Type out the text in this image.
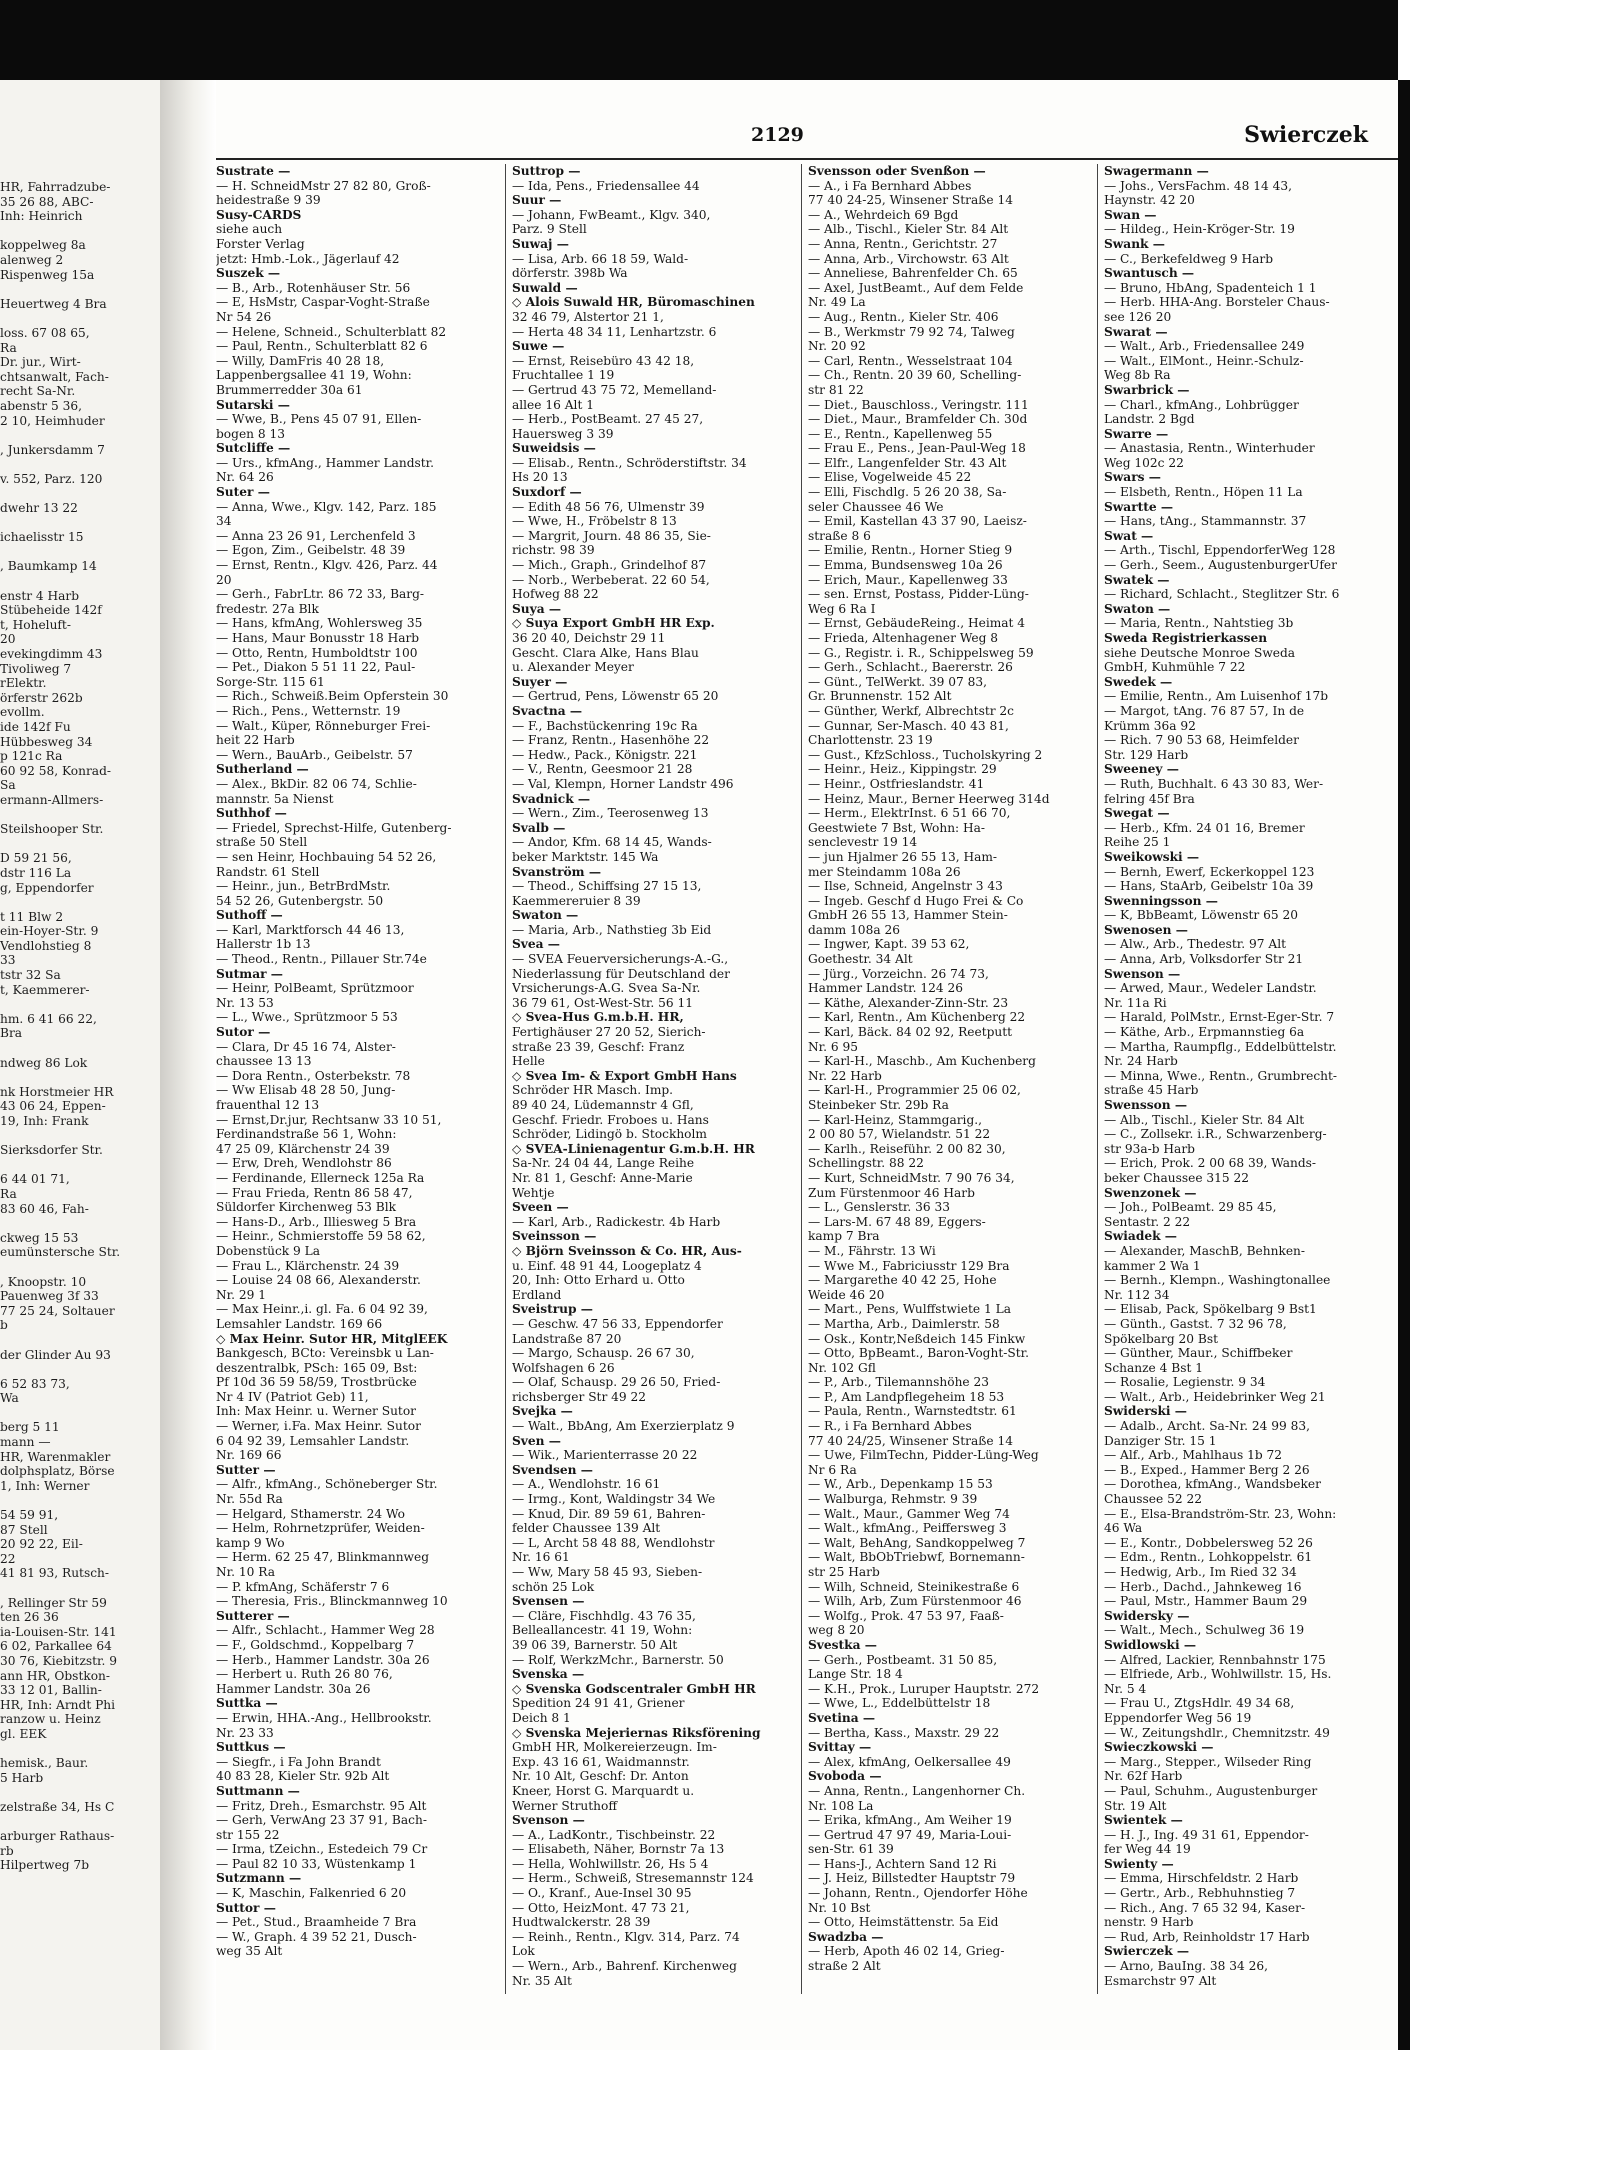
HR, Fahrradzube-
35 26 88, ABC-
Inh: Heinrich

koppelweg 8a
alenweg 2
Rispenweg 15a

Heuertweg 4 Bra

loss. 67 08 65,
Ra
Dr. jur., Wirt-
chtsanwalt, Fach-
recht Sa-Nr.
abenstr 5 36,
2 10, Heimhuder

, Junkersdamm 7

v. 552, Parz. 120

dwehr 13 22

ichaelisstr 15

, Baumkamp 14

enstr 4 Harb
Stübeheide 142f
t, Hoheluft-
20
evekingdimm 43
Tivoliweg 7
rElektr.
örferstr 262b
evollm.
ide 142f Fu
Hübbesweg 34
p 121c Ra
60 92 58, Konrad-
Sa
ermann-Allmers-

Steilshooper Str.

D 59 21 56,
dstr 116 La
g, Eppendorfer

t 11 Blw 2
ein-Hoyer-Str. 9
Vendlohstieg 8
33
tstr 32 Sa
t, Kaemmerer-

hm. 6 41 66 22,
Bra

ndweg 86 Lok

nk Horstmeier HR
43 06 24, Eppen-
19, Inh: Frank

Sierksdorfer Str.

6 44 01 71,
Ra
83 60 46, Fah-

ckweg 15 53
eumünstersche Str.

, Knoopstr. 10
Pauenweg 3f 33
77 25 24, Soltauer
b

der Glinder Au 93

6 52 83 73,
Wa

berg 5 11
mann —
HR, Warenmakler
dolphsplatz, Börse
1, Inh: Werner

54 59 91,
87 Stell
20 92 22, Eil-
22
41 81 93, Rutsch-

, Rellinger Str 59
ten 26 36
ia-Louisen-Str. 141
6 02, Parkallee 64
30 76, Kiebitzstr. 9
ann HR, Obstkon-
33 12 01, Ballin-
HR, Inh: Arndt Phi
ranzow u. Heinz
gl. EEK

hemisk., Baur.
5 Harb

zelstraße 34, Hs C

arburger Rathaus-
rb
Hilpertweg 7b
2129	Swierczek
Sustrate —
— H. SchneidMstr 27 82 80, Groß-
heidestraße 9 39
Susy-CARDS
siehe auch
Forster Verlag
jetzt: Hmb.-Lok., Jägerlauf 42
Suszek —
— B., Arb., Rotenhäuser Str. 56
— E, HsMstr, Caspar-Voght-Straße
Nr 54 26
— Helene, Schneid., Schulterblatt 82
— Paul, Rentn., Schulterblatt 82 6
— Willy, DamFris 40 28 18,
Lappenbergsallee 41 19, Wohn:
Brummerredder 30a 61
Sutarski —
— Wwe, B., Pens 45 07 91, Ellen-
bogen 8 13
Sutcliffe —
— Urs., kfmAng., Hammer Landstr.
Nr. 64 26
Suter —
— Anna, Wwe., Klgv. 142, Parz. 185
34
— Anna 23 26 91, Lerchenfeld 3
— Egon, Zim., Geibelstr. 48 39
— Ernst, Rentn., Klgv. 426, Parz. 44
20
— Gerh., FabrLtr. 86 72 33, Barg-
fredestr. 27a Blk
— Hans, kfmAng, Wohlersweg 35
— Hans, Maur Bonusstr 18 Harb
— Otto, Rentn, Humboldtstr 100
— Pet., Diakon 5 51 11 22, Paul-
Sorge-Str. 115 61
— Rich., Schweiß.Beim Opferstein 30
— Rich., Pens., Wetternstr. 19
— Walt., Küper, Rönneburger Frei-
heit 22 Harb
— Wern., BauArb., Geibelstr. 57
Sutherland —
— Alex., BkDir. 82 06 74, Schlie-
mannstr. 5a Nienst
Suthhof —
— Friedel, Sprechst-Hilfe, Gutenberg-
straße 50 Stell
— sen Heinr, Hochbauing 54 52 26,
Randstr. 61 Stell
— Heinr., jun., BetrBrdMstr.
54 52 26, Gutenbergstr. 50
Suthoff —
— Karl, Marktforsch 44 46 13,
Hallerstr 1b 13
— Theod., Rentn., Pillauer Str.74e
Sutmar —
— Heinr, PolBeamt, Sprützmoor
Nr. 13 53
— L., Wwe., Sprützmoor 5 53
Sutor —
— Clara, Dr 45 16 74, Alster-
chaussee 13 13
— Dora Rentn., Osterbekstr. 78
— Ww Elisab 48 28 50, Jung-
frauenthal 12 13
— Ernst,Dr.jur, Rechtsanw 33 10 51,
Ferdinandstraße 56 1, Wohn:
47 25 09, Klärchenstr 24 39
— Erw, Dreh, Wendlohstr 86
— Ferdinande, Ellerneck 125a Ra
— Frau Frieda, Rentn 86 58 47,
Süldorfer Kirchenweg 53 Blk
— Hans-D., Arb., Illiesweg 5 Bra
— Heinr., Schmierstoffe 59 58 62,
Dobenstück 9 La
— Frau L., Klärchenstr. 24 39
— Louise 24 08 66, Alexanderstr.
Nr. 29 1
— Max Heinr.,i. gl. Fa. 6 04 92 39,
Lemsahler Landstr. 169 66
◇ Max Heinr. Sutor HR, MitglEEK
Bankgesch, BCto: Vereinsbk u Lan-
deszentralbk, PSch: 165 09, Bst:
Pf 10d 36 59 58/59, Trostbrücke
Nr 4 IV (Patriot Geb) 11,
Inh: Max Heinr. u. Werner Sutor
— Werner, i.Fa. Max Heinr. Sutor
6 04 92 39, Lemsahler Landstr.
Nr. 169 66
Sutter —
— Alfr., kfmAng., Schöneberger Str.
Nr. 55d Ra
— Helgard, Sthamerstr. 24 Wo
— Helm, Rohrnetzprüfer, Weiden-
kamp 9 Wo
— Herm. 62 25 47, Blinkmannweg
Nr. 10 Ra
— P. kfmAng, Schäferstr 7 6
— Theresia, Fris., Blinckmannweg 10
Sutterer —
— Alfr., Schlacht., Hammer Weg 28
— F., Goldschmd., Koppelbarg 7
— Herb., Hammer Landstr. 30a 26
— Herbert u. Ruth 26 80 76,
Hammer Landstr. 30a 26
Suttka —
— Erwin, HHA.-Ang., Hellbrookstr.
Nr. 23 33
Suttkus —
— Siegfr., i Fa John Brandt
40 83 28, Kieler Str. 92b Alt
Suttmann —
— Fritz, Dreh., Esmarchstr. 95 Alt
— Gerh, VerwAng 23 37 91, Bach-
str 155 22
— Irma, tZeichn., Estedeich 79 Cr
— Paul 82 10 33, Wüstenkamp 1
Sutzmann —
— K, Maschin, Falkenried 6 20
Suttor —
— Pet., Stud., Braamheide 7 Bra
— W., Graph. 4 39 52 21, Dusch-
weg 35 Alt
Suttrop —
— Ida, Pens., Friedensallee 44
Suur —
— Johann, FwBeamt., Klgv. 340,
Parz. 9 Stell
Suwaj —
— Lisa, Arb. 66 18 59, Wald-
dörferstr. 398b Wa
Suwald —
◇ Alois Suwald HR, Büromaschinen
32 46 79, Alstertor 21 1,
— Herta 48 34 11, Lenhartzstr. 6
Suwe —
— Ernst, Reisebüro 43 42 18,
Fruchtallee 1 19
— Gertrud 43 75 72, Memelland-
allee 16 Alt 1
— Herb., PostBeamt. 27 45 27,
Hauersweg 3 39
Suweidsis —
— Elisab., Rentn., Schröderstiftstr. 34
Hs 20 13
Suxdorf —
— Edith 48 56 76, Ulmenstr 39
— Wwe, H., Fröbelstr 8 13
— Margrit, Journ. 48 86 35, Sie-
richstr. 98 39
— Mich., Graph., Grindelhof 87
— Norb., Werbeberat. 22 60 54,
Hofweg 88 22
Suya —
◇ Suya Export GmbH HR Exp.
36 20 40, Deichstr 29 11
Gescht. Clara Alke, Hans Blau
u. Alexander Meyer
Suyer —
— Gertrud, Pens, Löwenstr 65 20
Svactna —
— F., Bachstückenring 19c Ra
— Franz, Rentn., Hasenhöhe 22
— Hedw., Pack., Königstr. 221
— V., Rentn, Geesmoor 21 28
— Val, Klempn, Horner Landstr 496
Svadnick —
— Wern., Zim., Teerosenweg 13
Svalb —
— Andor, Kfm. 68 14 45, Wands-
beker Marktstr. 145 Wa
Svanström —
— Theod., Schiffsing 27 15 13,
Kaemmereruier 8 39
Swaton —
— Maria, Arb., Nathstieg 3b Eid
Svea —
— SVEA Feuerversicherungs-A.-G.,
Niederlassung für Deutschland der
Vrsicherungs-A.G. Svea Sa-Nr.
36 79 61, Ost-West-Str. 56 11
◇ Svea-Hus G.m.b.H. HR,
Fertighäuser 27 20 52, Sierich-
straße 23 39, Geschf: Franz
Helle
◇ Svea Im- & Export GmbH Hans
Schröder HR Masch. Imp.
89 40 24, Lüdemannstr 4 Gfl,
Geschf. Friedr. Froboes u. Hans
Schröder, Lidingö b. Stockholm
◇ SVEA-Linienagentur G.m.b.H. HR
Sa-Nr. 24 04 44, Lange Reihe
Nr. 81 1, Geschf: Anne-Marie
Wehtje
Sveen —
— Karl, Arb., Radickestr. 4b Harb
Sveinsson —
◇ Björn Sveinsson & Co. HR, Aus-
u. Einf. 48 91 44, Loogeplatz 4
20, Inh: Otto Erhard u. Otto
Erdland
Sveistrup —
— Geschw. 47 56 33, Eppendorfer
Landstraße 87 20
— Margo, Schausp. 26 67 30,
Wolfshagen 6 26
— Olaf, Schausp. 29 26 50, Fried-
richsberger Str 49 22
Svejka —
— Walt., BbAng, Am Exerzierplatz 9
Sven —
— Wik., Marienterrasse 20 22
Svendsen —
— A., Wendlohstr. 16 61
— Irmg., Kont, Waldingstr 34 We
— Knud, Dir. 89 59 61, Bahren-
felder Chaussee 139 Alt
— L, Archt 58 48 88, Wendlohstr
Nr. 16 61
— Ww, Mary 58 45 93, Sieben-
schön 25 Lok
Svensen —
— Cläre, Fischhdlg. 43 76 35,
Belleallancestr. 41 19, Wohn:
39 06 39, Barnerstr. 50 Alt
— Rolf, WerkzMchr., Barnerstr. 50
Svenska —
◇ Svenska Godscentraler GmbH HR
Spedition 24 91 41, Griener
Deich 8 1
◇ Svenska Mejeriernas Riksförening
GmbH HR, Molkereierzeugn. Im-
Exp. 43 16 61, Waidmannstr.
Nr. 10 Alt, Geschf: Dr. Anton
Kneer, Horst G. Marquardt u.
Werner Struthoff
Svenson —
— A., LadKontr., Tischbeinstr. 22
— Elisabeth, Näher, Bornstr 7a 13
— Hella, Wohlwillstr. 26, Hs 5 4
— Herm., Schweiß, Stresemannstr 124
— O., Kranf., Aue-Insel 30 95
— Otto, HeizMont. 47 73 21,
Hudtwalckerstr. 28 39
— Reinh., Rentn., Klgv. 314, Parz. 74
Lok
— Wern., Arb., Bahrenf. Kirchenweg
Nr. 35 Alt
Svensson oder Svenßon —
— A., i Fa Bernhard Abbes
77 40 24-25, Winsener Straße 14
— A., Wehrdeich 69 Bgd
— Alb., Tischl., Kieler Str. 84 Alt
— Anna, Rentn., Gerichtstr. 27
— Anna, Arb., Virchowstr. 63 Alt
— Anneliese, Bahrenfelder Ch. 65
— Axel, JustBeamt., Auf dem Felde
Nr. 49 La
— Aug., Rentn., Kieler Str. 406
— B., Werkmstr 79 92 74, Talweg
Nr. 20 92
— Carl, Rentn., Wesselstraat 104
— Ch., Rentn. 20 39 60, Schelling-
str 81 22
— Diet., Bauschloss., Veringstr. 111
— Diet., Maur., Bramfelder Ch. 30d
— E., Rentn., Kapellenweg 55
— Frau E., Pens., Jean-Paul-Weg 18
— Elfr., Langenfelder Str. 43 Alt
— Elise, Vogelweide 45 22
— Elli, Fischdlg. 5 26 20 38, Sa-
seler Chaussee 46 We
— Emil, Kastellan 43 37 90, Laeisz-
straße 8 6
— Emilie, Rentn., Horner Stieg 9
— Emma, Bundsensweg 10a 26
— Erich, Maur., Kapellenweg 33
— sen. Ernst, Postass, Pidder-Lüng-
Weg 6 Ra I
— Ernst, GebäudeReing., Heimat 4
— Frieda, Altenhagener Weg 8
— G., Registr. i. R., Schippelsweg 59
— Gerh., Schlacht., Baererstr. 26
— Günt., TelWerkt. 39 07 83,
Gr. Brunnenstr. 152 Alt
— Günther, Werkf, Albrechtstr 2c
— Gunnar, Ser-Masch. 40 43 81,
Charlottenstr. 23 19
— Gust., KfzSchloss., Tucholskyring 2
— Heinr., Heiz., Kippingstr. 29
— Heinr., Ostfrieslandstr. 41
— Heinz, Maur., Berner Heerweg 314d
— Herm., ElektrInst. 6 51 66 70,
Geestwiete 7 Bst, Wohn: Ha-
senclevestr 19 14
— jun Hjalmer 26 55 13, Ham-
mer Steindamm 108a 26
— Ilse, Schneid, Angelnstr 3 43
— Ingeb. Geschf d Hugo Frei & Co
GmbH 26 55 13, Hammer Stein-
damm 108a 26
— Ingwer, Kapt. 39 53 62,
Goethestr. 34 Alt
— Jürg., Vorzeichn. 26 74 73,
Hammer Landstr. 124 26
— Käthe, Alexander-Zinn-Str. 23
— Karl, Rentn., Am Küchenberg 22
— Karl, Bäck. 84 02 92, Reetputt
Nr. 6 95
— Karl-H., Maschb., Am Kuchenberg
Nr. 22 Harb
— Karl-H., Programmier 25 06 02,
Steinbeker Str. 29b Ra
— Karl-Heinz, Stammgarig.,
2 00 80 57, Wielandstr. 51 22
— Karlh., Reiseführ. 2 00 82 30,
Schellingstr. 88 22
— Kurt, SchneidMstr. 7 90 76 34,
Zum Fürstenmoor 46 Harb
— L., Genslerstr. 36 33
— Lars-M. 67 48 89, Eggers-
kamp 7 Bra
— M., Fährstr. 13 Wi
— Wwe M., Fabriciusstr 129 Bra
— Margarethe 40 42 25, Hohe
Weide 46 20
— Mart., Pens, Wulffstwiete 1 La
— Martha, Arb., Daimlerstr. 58
— Osk., Kontr,Neßdeich 145 Finkw
— Otto, BpBeamt., Baron-Voght-Str.
Nr. 102 Gfl
— P., Arb., Tilemannshöhe 23
— P., Am Landpflegeheim 18 53
— Paula, Rentn., Warnstedtstr. 61
— R., i Fa Bernhard Abbes
77 40 24/25, Winsener Straße 14
— Uwe, FilmTechn, Pidder-Lüng-Weg
Nr 6 Ra
— W., Arb., Depenkamp 15 53
— Walburga, Rehmstr. 9 39
— Walt., Maur., Gammer Weg 74
— Walt., kfmAng., Peiffersweg 3
— Walt, BehAng, Sandkoppelweg 7
— Walt, BbObTriebwf, Bornemann-
str 25 Harb
— Wilh, Schneid, Steinikestraße 6
— Wilh, Arb, Zum Fürstenmoor 46
— Wolfg., Prok. 47 53 97, Faaß-
weg 8 20
Svestka —
— Gerh., Postbeamt. 31 50 85,
Lange Str. 18 4
— K.H., Prok., Luruper Hauptstr. 272
— Wwe, L., Eddelbüttelstr 18
Svetina —
— Bertha, Kass., Maxstr. 29 22
Svittay —
— Alex, kfmAng, Oelkersallee 49
Svoboda —
— Anna, Rentn., Langenhorner Ch.
Nr. 108 La
— Erika, kfmAng., Am Weiher 19
— Gertrud 47 97 49, Maria-Loui-
sen-Str. 61 39
— Hans-J., Achtern Sand 12 Ri
— J. Heiz, Billstedter Hauptstr 79
— Johann, Rentn., Ojendorfer Höhe
Nr. 10 Bst
— Otto, Heimstättenstr. 5a Eid
Swadzba —
— Herb, Apoth 46 02 14, Grieg-
straße 2 Alt
Swagermann —
— Johs., VersFachm. 48 14 43,
Haynstr. 42 20
Swan —
— Hildeg., Hein-Kröger-Str. 19
Swank —
— C., Berkefeldweg 9 Harb
Swantusch —
— Bruno, HbAng, Spadenteich 1 1
— Herb. HHA-Ang. Borsteler Chaus-
see 126 20
Swarat —
— Walt., Arb., Friedensallee 249
— Walt., ElMont., Heinr.-Schulz-
Weg 8b Ra
Swarbrick —
— Charl., kfmAng., Lohbrügger
Landstr. 2 Bgd
Swarre —
— Anastasia, Rentn., Winterhuder
Weg 102c 22
Swars —
— Elsbeth, Rentn., Höpen 11 La
Swartte —
— Hans, tAng., Stammannstr. 37
Swat —
— Arth., Tischl, EppendorferWeg 128
— Gerh., Seem., AugustenburgerUfer
Swatek —
— Richard, Schlacht., Steglitzer Str. 6
Swaton —
— Maria, Rentn., Nahtstieg 3b
Sweda Registrierkassen
siehe Deutsche Monroe Sweda
GmbH, Kuhmühle 7 22
Swedek —
— Emilie, Rentn., Am Luisenhof 17b
— Margot, tAng. 76 87 57, In de
Krümm 36a 92
— Rich. 7 90 53 68, Heimfelder
Str. 129 Harb
Sweeney —
— Ruth, Buchhalt. 6 43 30 83, Wer-
felring 45f Bra
Swegat —
— Herb., Kfm. 24 01 16, Bremer
Reihe 25 1
Sweikowski —
— Bernh, Ewerf, Eckerkoppel 123
— Hans, StaArb, Geibelstr 10a 39
Swenningsson —
— K, BbBeamt, Löwenstr 65 20
Swenosen —
— Alw., Arb., Thedestr. 97 Alt
— Anna, Arb, Volksdorfer Str 21
Swenson —
— Arwed, Maur., Wedeler Landstr.
Nr. 11a Ri
— Harald, PolMstr., Ernst-Eger-Str. 7
— Käthe, Arb., Erpmannstieg 6a
— Martha, Raumpflg., Eddelbüttelstr.
Nr. 24 Harb
— Minna, Wwe., Rentn., Grumbrecht-
straße 45 Harb
Swensson —
— Alb., Tischl., Kieler Str. 84 Alt
— C., Zollsekr. i.R., Schwarzenberg-
str 93a-b Harb
— Erich, Prok. 2 00 68 39, Wands-
beker Chaussee 315 22
Swenzonek —
— Joh., PolBeamt. 29 85 45,
Sentastr. 2 22
Swiadek —
— Alexander, MaschB, Behnken-
kammer 2 Wa 1
— Bernh., Klempn., Washingtonallee
Nr. 112 34
— Elisab, Pack, Spökelbarg 9 Bst1
— Günth., Gastst. 7 32 96 78,
Spökelbarg 20 Bst
— Günther, Maur., Schiffbeker
Schanze 4 Bst 1
— Rosalie, Legienstr. 9 34
— Walt., Arb., Heidebrinker Weg 21
Swiderski —
— Adalb., Archt. Sa-Nr. 24 99 83,
Danziger Str. 15 1
— Alf., Arb., Mahlhaus 1b 72
— B., Exped., Hammer Berg 2 26
— Dorothea, kfmAng., Wandsbeker
Chaussee 52 22
— E., Elsa-Brandström-Str. 23, Wohn:
46 Wa
— E., Kontr., Dobbelersweg 52 26
— Edm., Rentn., Lohkoppelstr. 61
— Hedwig, Arb., Im Ried 32 34
— Herb., Dachd., Jahnkeweg 16
— Paul, Mstr., Hammer Baum 29
Swidersky —
— Walt., Mech., Schulweg 36 19
Swidlowski —
— Alfred, Lackier, Rennbahnstr 175
— Elfriede, Arb., Wohlwillstr. 15, Hs.
Nr. 5 4
— Frau U., ZtgsHdlr. 49 34 68,
Eppendorfer Weg 56 19
— W., Zeitungshdlr., Chemnitzstr. 49
Swieczkowski —
— Marg., Stepper., Wilseder Ring
Nr. 62f Harb
— Paul, Schuhm., Augustenburger
Str. 19 Alt
Swientek —
— H. J., Ing. 49 31 61, Eppendor-
fer Weg 44 19
Swienty —
— Emma, Hirschfeldstr. 2 Harb
— Gertr., Arb., Rebhuhnstieg 7
— Rich., Ang. 7 65 32 94, Kaser-
nenstr. 9 Harb
— Rud, Arb, Reinholdstr 17 Harb
Swierczek —
— Arno, BauIng. 38 34 26,
Esmarchstr 97 Alt
